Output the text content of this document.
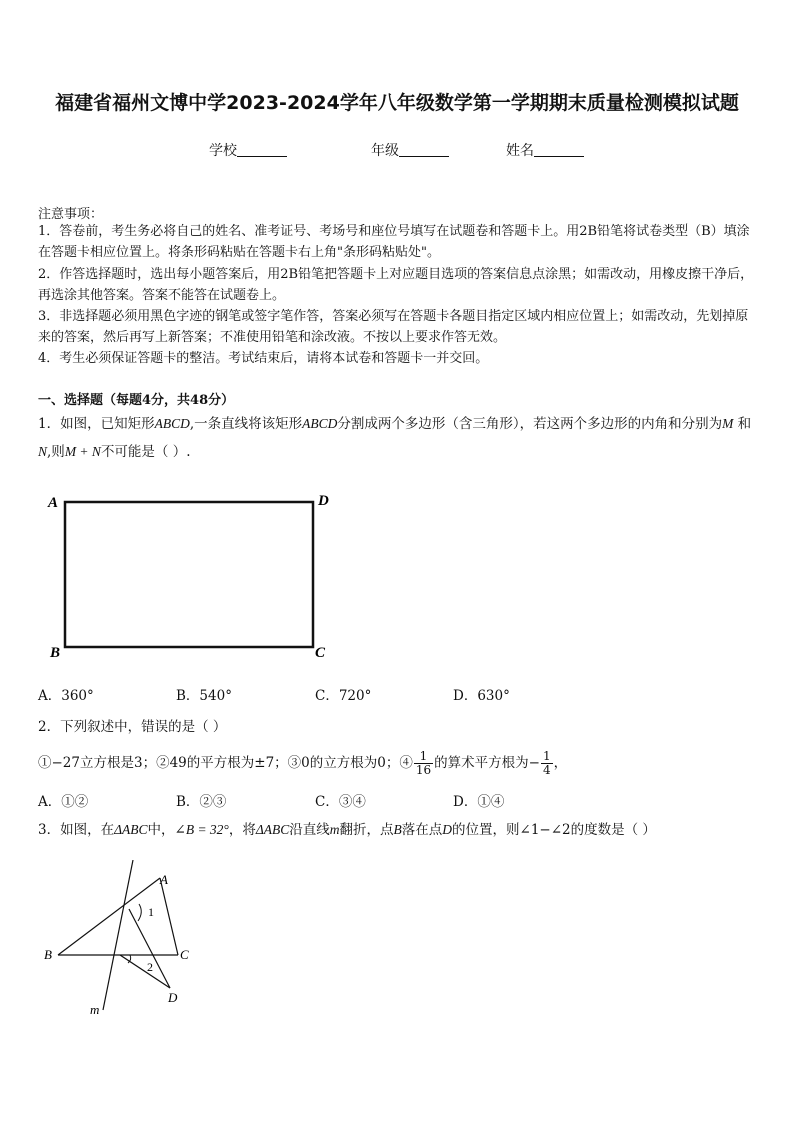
福建省福州文博中学2023-2024学年八年级数学第一学期期末质量检测模拟试题
学校	年级	姓名
注意事项：
1．答卷前，考生务必将自己的姓名、准考证号、考场号和座位号填写在试题卷和答题卡上。用2B铅笔将试卷类型（B）填涂在答题卡相应位置上。将条形码粘贴在答题卡右上角"条形码粘贴处"。
2．作答选择题时，选出每小题答案后，用2B铅笔把答题卡上对应题目选项的答案信息点涂黑；如需改动，用橡皮擦干净后，再选涂其他答案。答案不能答在试题卷上。
3．非选择题必须用黑色字迹的钢笔或签字笔作答，答案必须写在答题卡各题目指定区域内相应位置上；如需改动，先划掉原来的答案，然后再写上新答案；不准使用铅笔和涂改液。不按以上要求作答无效。
4．考生必须保证答题卡的整洁。考试结束后，请将本试卷和答题卡一并交回。
一、选择题（每题4分，共48分）
1．如图，已知矩形ABCD,一条直线将该矩形ABCD分割成两个多边形（含三角形），若这两个多边形的内角和分别为M 和N,则M + N不可能是（ ）.
A	D
B	C
A．360°	B．540°	C．720°	D．630°
2．下列叙述中，错误的是（ ）
①−27立方根是3；②49的平方根为±7；③0的立方根为0；④ $\frac{1}{16}$ 的算术平方根为− $\frac{1}{4}$ ，
A．①②	B．②③	C．③④	D．①④
3．如图，在ΔABC中，∠B = 32°，将ΔABC沿直线m翻折，点B落在点D的位置，则∠1−∠2的度数是（ ）
A
B	C
D
1
2
m
